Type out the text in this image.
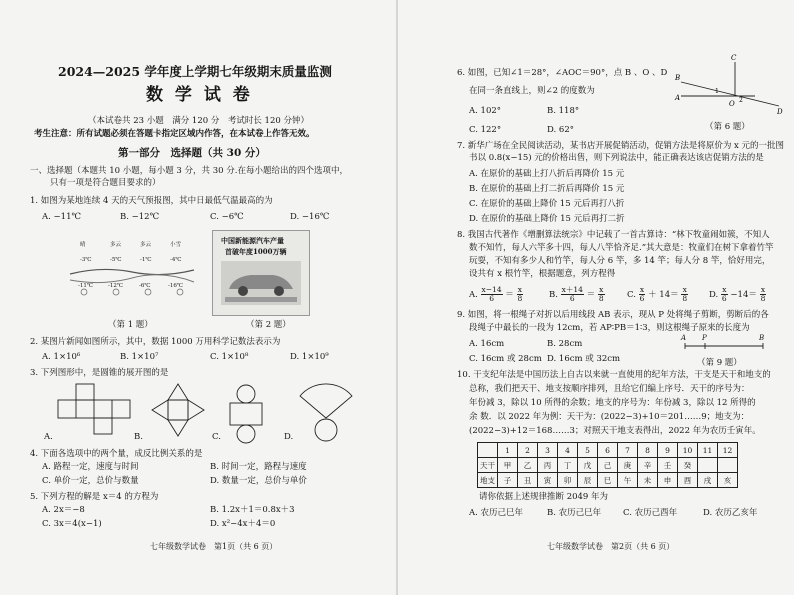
2024—2025 学年度上学期七年级期末质量监测
数 学 试 卷
（本试卷共 23 小题　满分 120 分　考试时长 120 分钟）
考生注意：所有试题必须在答题卡指定区域内作答，在本试卷上作答无效。
第一部分　选择题（共 30 分）
一、选择题（本题共 10 小题，每小题 3 分，共 30 分.在每小题给出的四个选项中，
只有一项是符合题目要求的）
1. 如图为某地连续 4 天的天气预报图，其中日最低气温最高的为
A. −11℃	B. −12℃	C. −6℃	D. −16℃
晴	多云	多云	小雪
-3℃	-5℃	-1℃	-4℃
-11℃	-12℃	-6℃	-16℃
（第 1 题）
中国新能源汽车产量
首破年度1000万辆
（第 2 题）
2. 某图片新闻如图所示，其中，数据 1000 万用科学记数法表示为
A. 1×10⁶	B. 1×10⁷	C. 1×10⁸	D. 1×10⁹
3. 下列图形中，是圆锥的展开图的是
A.	B.	C.	D.
4. 下面各选项中的两个量，成反比例关系的是
A. 路程一定，速度与时间	B. 时间一定，路程与速度
C. 单价一定，总价与数量	D. 数量一定，总价与单价
5. 下列方程的解是 x＝4 的方程为
A. 2x＝−8	B. 1.2x＋1＝0.8x＋3
C. 3x＝4(x−1)	D. x²−4x＋4＝0
七年级数学试卷　第1页（共 6 页）
6. 如图，已知∠1＝28°，∠AOC＝90°，点 B 、O 、D
在同一条直线上，则∠2 的度数为
A. 102°	B. 118°
C. 122°	D. 62°
B
A
C
D
O
1
2
（第 6 题）
7. 新华广场在全民阅读活动，某书店开展促销活动，促销方法是将原价为 x 元的一批图
书以 0.8(x−15) 元的价格出售，则下列说法中，能正确表达该店促销方法的是
A. 在原价的基础上打八折后再降价 15 元
B. 在原价的基础上打二折后再降价 15 元
C. 在原价的基础上降价 15 元后再打八折
D. 在原价的基础上降价 15 元后再打二折
8. 我国古代著作《增删算法统宗》中记载了一首古算诗：“林下牧童闹如簇，不知人
数不知竹，每人六竿多十四，每人八竿恰齐足.”其大意是：牧童们在树下拿着竹竿
玩耍，不知有多少人和竹竿，每人分 6 竿，多 14 竿；每人分 8 竿，恰好用完，
设共有 x 根竹竿，根据题意，列方程得
A. $\frac{x-14}{6} = \frac{x}{8}$	B. $\frac{x+14}{6} = \frac{x}{8}$	C. $\frac{x}{6} + 14= \frac{x}{8} D$. $\frac{x}{6} -14= \frac{x}{8}$
9. 如图，将一根绳子对折以后用线段 AB 表示，现从 P 处将绳子剪断，剪断后的各
段绳子中最长的一段为 12cm，若 AP∶PB＝1∶3，则这根绳子原来的长度为
A. 16cm	B. 28cm
C. 16cm 或 28cm D. 16cm 或 32cm
A P	B
（第 9 题）
10. 干支纪年法是中国历法上自古以来就一直使用的纪年方法，干支是天干和地支的
总称，我们把天干、地支按顺序排列，且给它们编上序号．天干的序号为：
年份减 3，除以 10 所得的余数；地支的序号为：年份减 3，除以 12 所得的
余 数．以 2022 年为例：天干为：(2022−3)+10＝201……9；地支为：
(2022−3)+12＝168……3；对照天干地支表得出，2022 年为农历壬寅年。
	1	2	3	4	5	6	7	8	9	10	11	12
天干	甲	乙	丙	丁	戊	己	庚	辛	壬	癸		
地支	子	丑	寅	卯	辰	巳	午	未	申	酉	戌	亥
请你依据上述规律推断 2049 年为
A. 农历己巳年	B. 农历己巳年	C. 农历己酉年	D. 农历乙亥年
七年级数学试卷　第2页（共 6 页）
